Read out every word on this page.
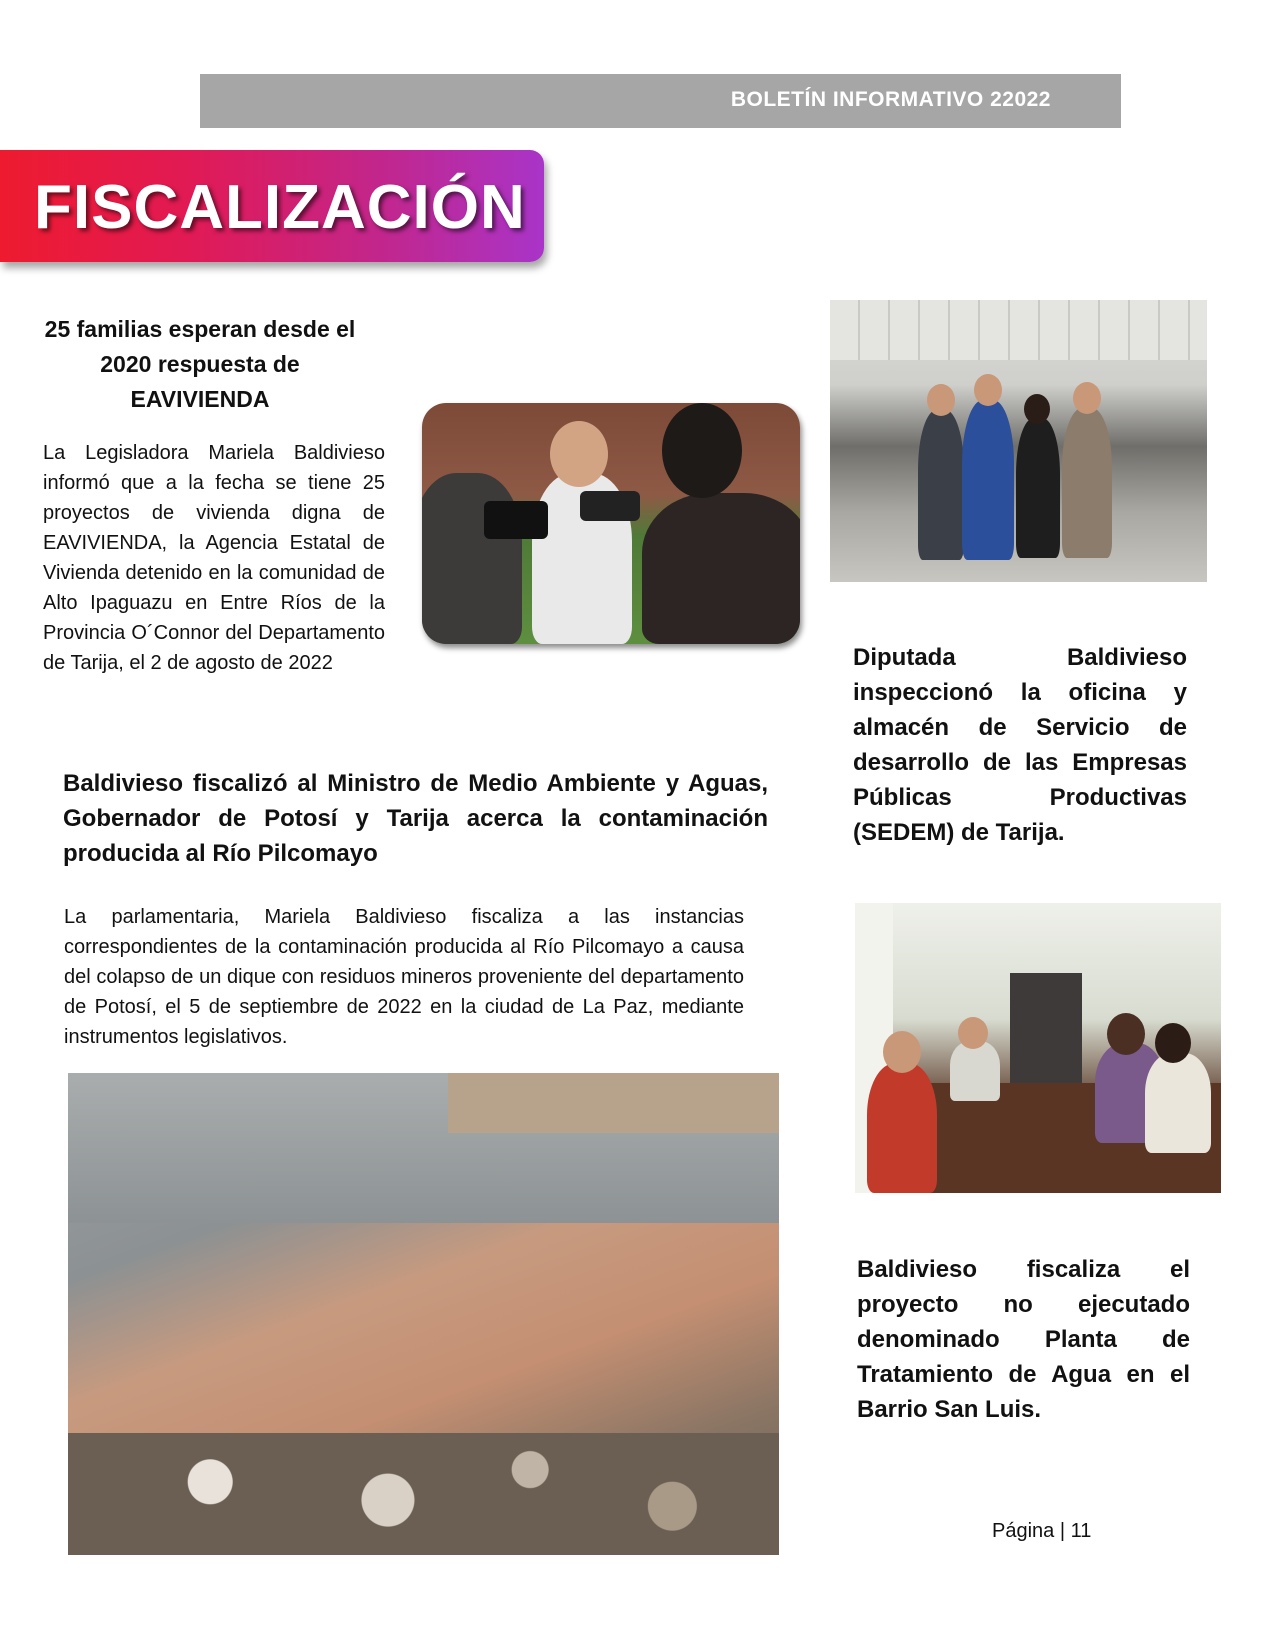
BOLETÍN INFORMATIVO 22022
FISCALIZACIÓN
25 familias esperan desde el 2020 respuesta de EAVIVIENDA
La Legisladora Mariela Baldivieso informó que a la fecha se tiene 25 proyectos de vivienda digna de EAVIVIENDA, la Agencia Estatal de Vivienda detenido en la comunidad de Alto Ipaguazu en Entre Ríos de la Provincia O´Connor del Departamento de Tarija, el 2 de agosto de 2022	Diputada Baldivieso inspeccionó la oficina y almacén de Servicio de desarrollo de las Empresas Públicas Productivas (SEDEM) de Tarija.
Baldivieso fiscalizó al Ministro de Medio Ambiente y Aguas, Gobernador de Potosí y Tarija acerca la contaminación producida al Río Pilcomayo
La parlamentaria, Mariela Baldivieso fiscaliza a las instancias correspondientes de la contaminación producida al Río Pilcomayo a causa del colapso de un dique con residuos mineros proveniente del departamento de Potosí, el 5 de septiembre de 2022 en la ciudad de La Paz, mediante instrumentos legislativos.
Baldivieso fiscaliza el proyecto no ejecutado denominado Planta de Tratamiento de Agua en el Barrio San Luis.
Página | 11
